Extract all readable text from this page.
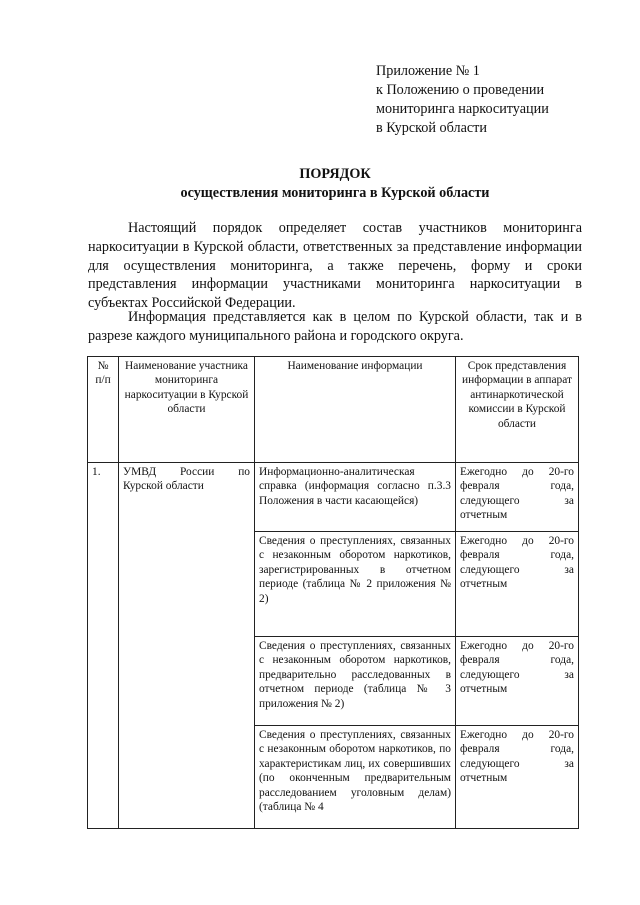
Приложение № 1
к Положению о проведении
мониторинга наркоситуации
в Курской области
ПОРЯДОК
осуществления мониторинга в Курской области
Настоящий порядок определяет состав участников мониторинга наркоситуации в Курской области, ответственных за представление информации для осуществления мониторинга, а также перечень, форму и сроки представления информации участниками мониторинга наркоситуации в субъектах Российской Федерации.
Информация представляется как в целом по Курской области, так и в разрезе каждого муниципального района и городского округа.
№ п/п	Наименование участника мониторинга наркоситуации в Курской области	Наименование информации	Срок представления информации в аппарат антинаркотической комиссии в Курской области
1.	УМВД России по Курской области	Информационно-аналитическая справка (информация согласно п.3.3 Положения в части касающейся)	Ежегодно до 20-го февраля года, следующего за отчетным
		Сведения о преступлениях, связанных с незаконным оборотом наркотиков, зарегистрированных в отчетном периоде (таблица № 2 приложения № 2)	Ежегодно до 20-го февраля года, следующего за отчетным
		Сведения о преступлениях, связанных с незаконным оборотом наркотиков, предварительно расследованных в отчетном периоде (таблица № 3 приложения № 2)	Ежегодно до 20-го февраля года, следующего за отчетным

		Сведения о преступлениях, связанных с незаконным оборотом наркотиков, по характеристикам лиц, их совершивших (по оконченным предварительным расследованием уголовным делам) (таблица № 4	Ежегодно до 20-го февраля года, следующего за отчетным
